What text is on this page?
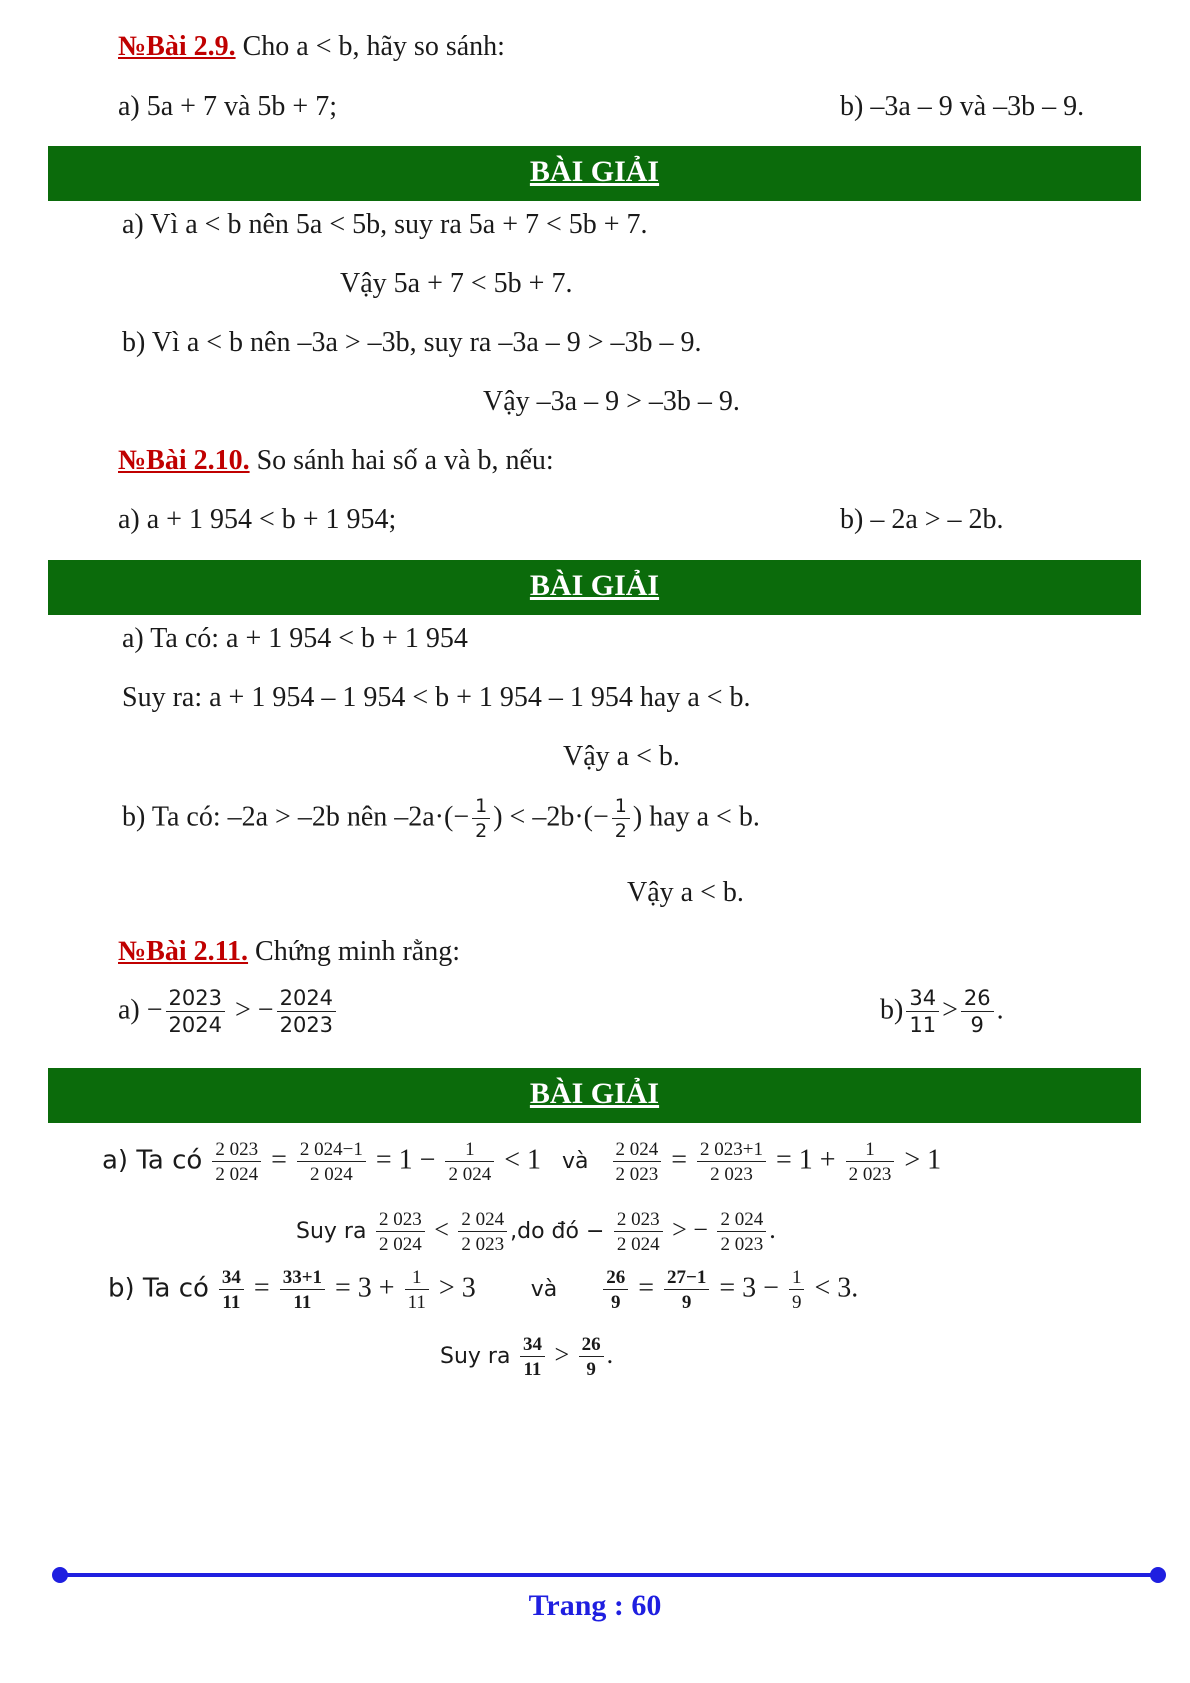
№Bài 2.9. Cho a < b, hãy so sánh:
a) 5a + 7 và 5b + 7;	b) –3a – 9 và –3b – 9.
BÀI GIẢI
a) Vì a < b nên 5a < 5b, suy ra 5a + 7 < 5b + 7.
Vậy 5a + 7 < 5b + 7.
b) Vì a < b nên –3a > –3b, suy ra –3a – 9 > –3b – 9.
Vậy –3a – 9 > –3b – 9.
№Bài 2.10. So sánh hai số a và b, nếu:
a) a + 1 954 < b + 1 954;	b) – 2a > – 2b.
BÀI GIẢI
a) Ta có: a + 1 954 < b + 1 954
Suy ra: a + 1 954 – 1 954 < b + 1 954 – 1 954 hay a < b.
Vậy a < b.
b) Ta có: –2a > –2b nên $-2a\cdot(- \frac{1}{2}$ ) < $-2b\cdot(- \frac{1}{2}$ ) hay a < b.
Vậy a < b.
№Bài 2.11. Chứng minh rằng:
$a) - \frac{2023}{2024}$ > − $\frac{2024}{2023}$	$b) \frac{34}{11} > \frac{26}{9}$ .
BÀI GIẢI
a) Ta có $\frac{2 023}{2 024} = \frac{2 024-1}{2 024} = 1 - \frac{1}{2 024} < 1$ và $\frac{2 024}{2 023} = \frac{2 023+1}{2 023} = 1 + \frac{1}{2 023} > 1$
Suy ra $\frac{2 023}{2 024} < \frac{2 024}{2 023} ,do$ đó − $\frac{2 023}{2 024}$ > − $\frac{2 024}{2 023}$ .
b) Ta có $\frac{34}{11} = \frac{33+1}{11} = 3 + \frac{1}{11} > 3$	và $\frac{26}{9} = \frac{27-1}{9} = 3 - \frac{1}{9} < 3$.
Suy ra $\frac{34}{11} > \frac{26}{9}$ .
Trang : 60
